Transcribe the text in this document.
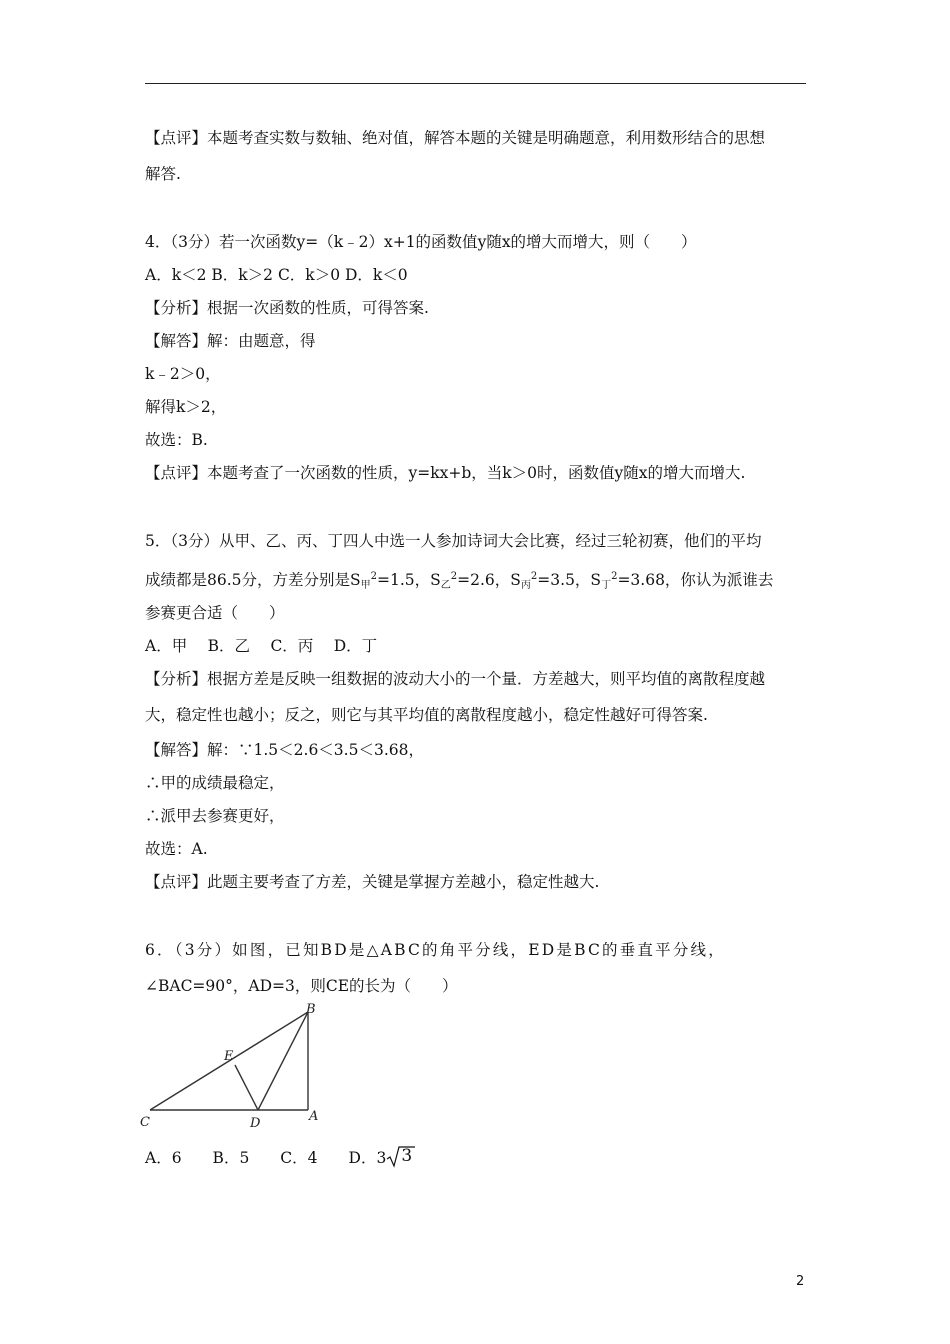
【点评】本题考查实数与数轴、绝对值，解答本题的关键是明确题意，利用数形结合的思想
解答.
4．（3分）若一次函数y=（k﹣2）x+1的函数值y随x的增大而增大，则（　　）
A．k＜2 B．k＞2 C．k＞0 D．k＜0
【分析】根据一次函数的性质，可得答案.
【解答】解：由题意，得
k﹣2＞0，
解得k＞2，
故选：B.
【点评】本题考查了一次函数的性质，y=kx+b，当k＞0时，函数值y随x的增大而增大.
5．（3分）从甲、乙、丙、丁四人中选一人参加诗词大会比赛，经过三轮初赛，他们的平均
成绩都是86.5分，方差分别是$S_甲^2=1.5$，$S_乙^2=2.6$，$S_丙^2=3.5$，$S_丁^2=3.68$，你认为派谁去
参赛更合适（　　）
A．甲　 B．乙　 C．丙　 D．丁
【分析】根据方差是反映一组数据的波动大小的一个量．方差越大，则平均值的离散程度越
大，稳定性也越小；反之，则它与其平均值的离散程度越小，稳定性越好可得答案.
【解答】解：∵1.5＜2.6＜3.5＜3.68，
∴甲的成绩最稳定，
∴派甲去参赛更好，
故选：A.
【点评】此题主要考查了方差，关键是掌握方差越小，稳定性越大.
6．（3分）如图，已知BD是△ABC的角平分线，ED是BC的垂直平分线，
∠BAC=90°，AD=3，则CE的长为（　　）
B
E
C	D	A
A．6　　B．5　　C．4　　D．3 3
2
